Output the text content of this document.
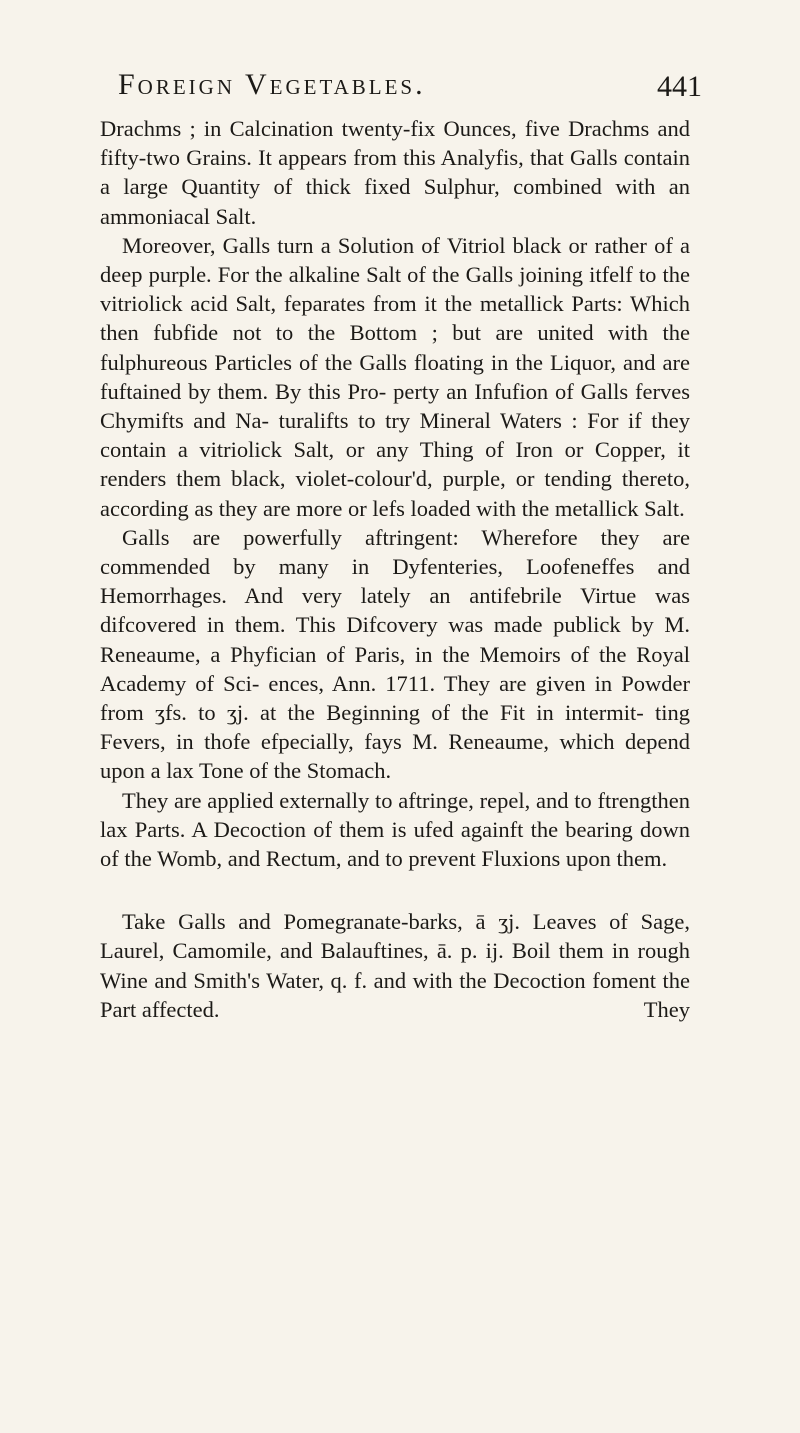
Foreign Vegetables.	441

Drachms ; in Calcination twenty-fix Ounces, five Drachms and fifty-two Grains. It appears from this Analyfis, that Galls contain a large Quantity of thick fixed Sulphur, combined with an ammoniacal Salt.

Moreover, Galls turn a Solution of Vitriol black or rather of a deep purple. For the alkaline Salt of the Galls joining itfelf to the vitriolick acid Salt, feparates from it the metallick Parts: Which then fubfide not to the Bottom ; but are united with the fulphureous Particles of the Galls floating in the Liquor, and are fuftained by them. By this Pro- perty an Infufion of Galls ferves Chymifts and Na- turalifts to try Mineral Waters : For if they contain a vitriolick Salt, or any Thing of Iron or Copper, it renders them black, violet-colour'd, purple, or tending thereto, according as they are more or lefs loaded with the metallick Salt.

Galls are powerfully aftringent: Wherefore they are commended by many in Dyfenteries, Loofeneffes and Hemorrhages. And very lately an antifebrile Virtue was difcovered in them. This Difcovery was made publick by M. Reneaume, a Phyfician of Paris, in the Memoirs of the Royal Academy of Sci- ences, Ann. 1711. They are given in Powder from ʒfs. to ʒj. at the Beginning of the Fit in intermit- ting Fevers, in thofe efpecially, fays M. Reneaume, which depend upon a lax Tone of the Stomach.

They are applied externally to aftringe, repel, and to ftrengthen lax Parts. A Decoction of them is ufed againft the bearing down of the Womb, and Rectum, and to prevent Fluxions upon them.

Take Galls and Pomegranate-barks, ā ʒj. Leaves of Sage, Laurel, Camomile, and Balauftines, ā. p. ij. Boil them in rough Wine and Smith's Water, q. f. and with the Decoction foment the Part affected.	They
